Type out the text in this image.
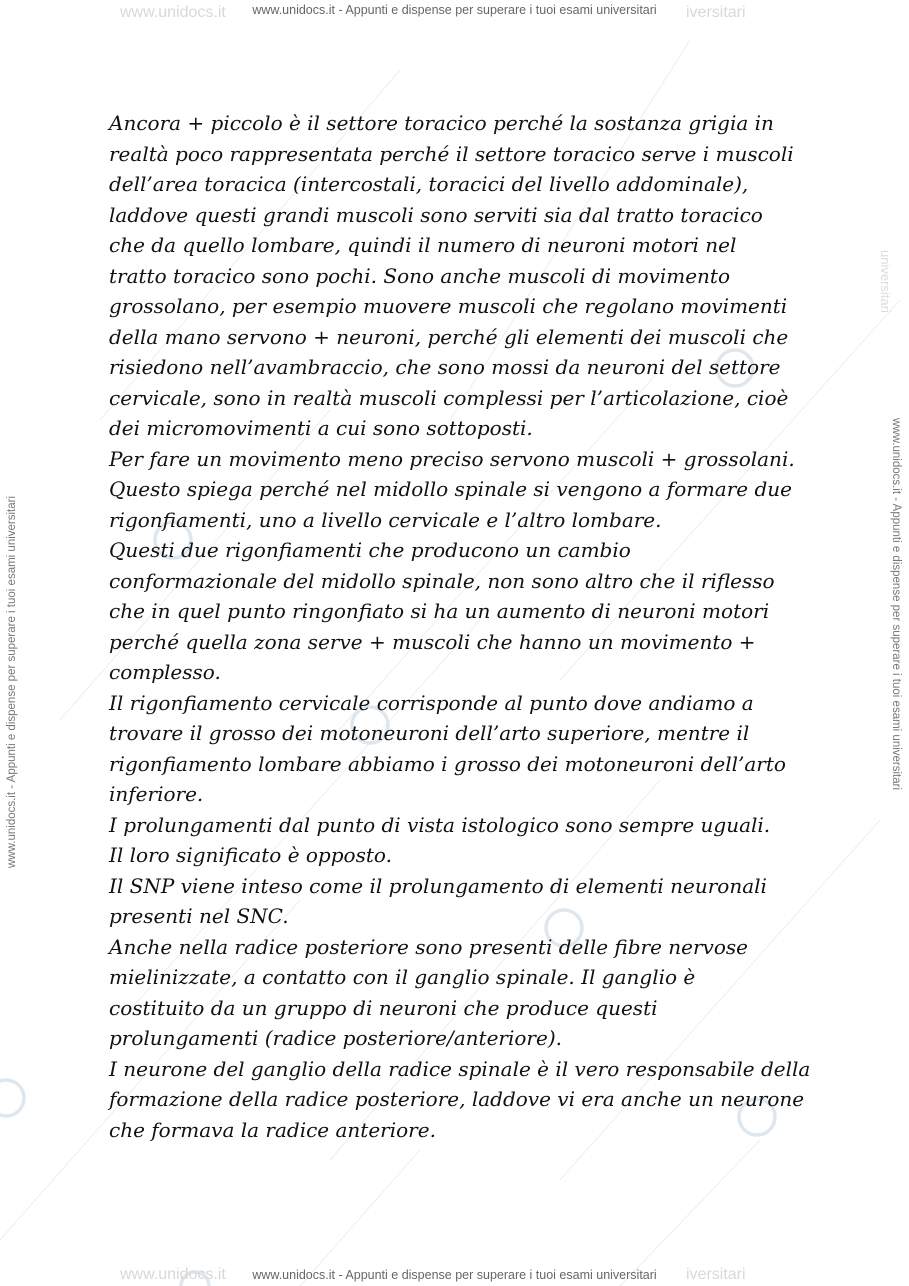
www.unidocs.it	iversitari
www.unidocs.it	iversitari
www.unidocs.it - Appunti e dispense per superare i tuoi esami universitari
www.unidocs.it - Appunti e dispense per superare i tuoi esami universitari
www.unidocs.it - Appunti e dispense per superare i tuoi esami universitari	www.unidocs.it - Appunti e dispense per superare i tuoi esami universitari
universitari

Ancora + piccolo è il settore toracico perché la sostanza grigia in

realtà poco rappresentata perché il settore toracico serve i muscoli

dell’area toracica (intercostali, toracici del livello addominale),

laddove questi grandi muscoli sono serviti sia dal tratto toracico

che da quello lombare, quindi il numero di neuroni motori nel

tratto toracico sono pochi. Sono anche muscoli di movimento

grossolano, per esempio muovere muscoli che regolano movimenti

della mano servono + neuroni, perché gli elementi dei muscoli che

risiedono nell’avambraccio, che sono mossi da neuroni del settore

cervicale, sono in realtà muscoli complessi per l’articolazione, cioè

dei micromovimenti a cui sono sottoposti.

Per fare un movimento meno preciso servono muscoli + grossolani.

Questo spiega perché nel midollo spinale si vengono a formare due

rigonfiamenti, uno a livello cervicale e l’altro lombare.

Questi due rigonfiamenti che producono un cambio

conformazionale del midollo spinale, non sono altro che il riflesso

che in quel punto ringonfiato si ha un aumento di neuroni motori

perché quella zona serve + muscoli che hanno un movimento +

complesso.

Il rigonfiamento cervicale corrisponde al punto dove andiamo a

trovare il grosso dei motoneuroni dell’arto superiore, mentre il

rigonfiamento lombare abbiamo i grosso dei motoneuroni dell’arto

inferiore.

I prolungamenti dal punto di vista istologico sono sempre uguali.

Il loro significato è opposto.

Il SNP viene inteso come il prolungamento di elementi neuronali

presenti nel SNC.

Anche nella radice posteriore sono presenti delle fibre nervose

mielinizzate, a contatto con il ganglio spinale. Il ganglio è

costituito da un gruppo di neuroni che produce questi

prolungamenti (radice posteriore/anteriore).

I neurone del ganglio della radice spinale è il vero responsabile della

formazione della radice posteriore, laddove vi era anche un neurone

che formava la radice anteriore.
